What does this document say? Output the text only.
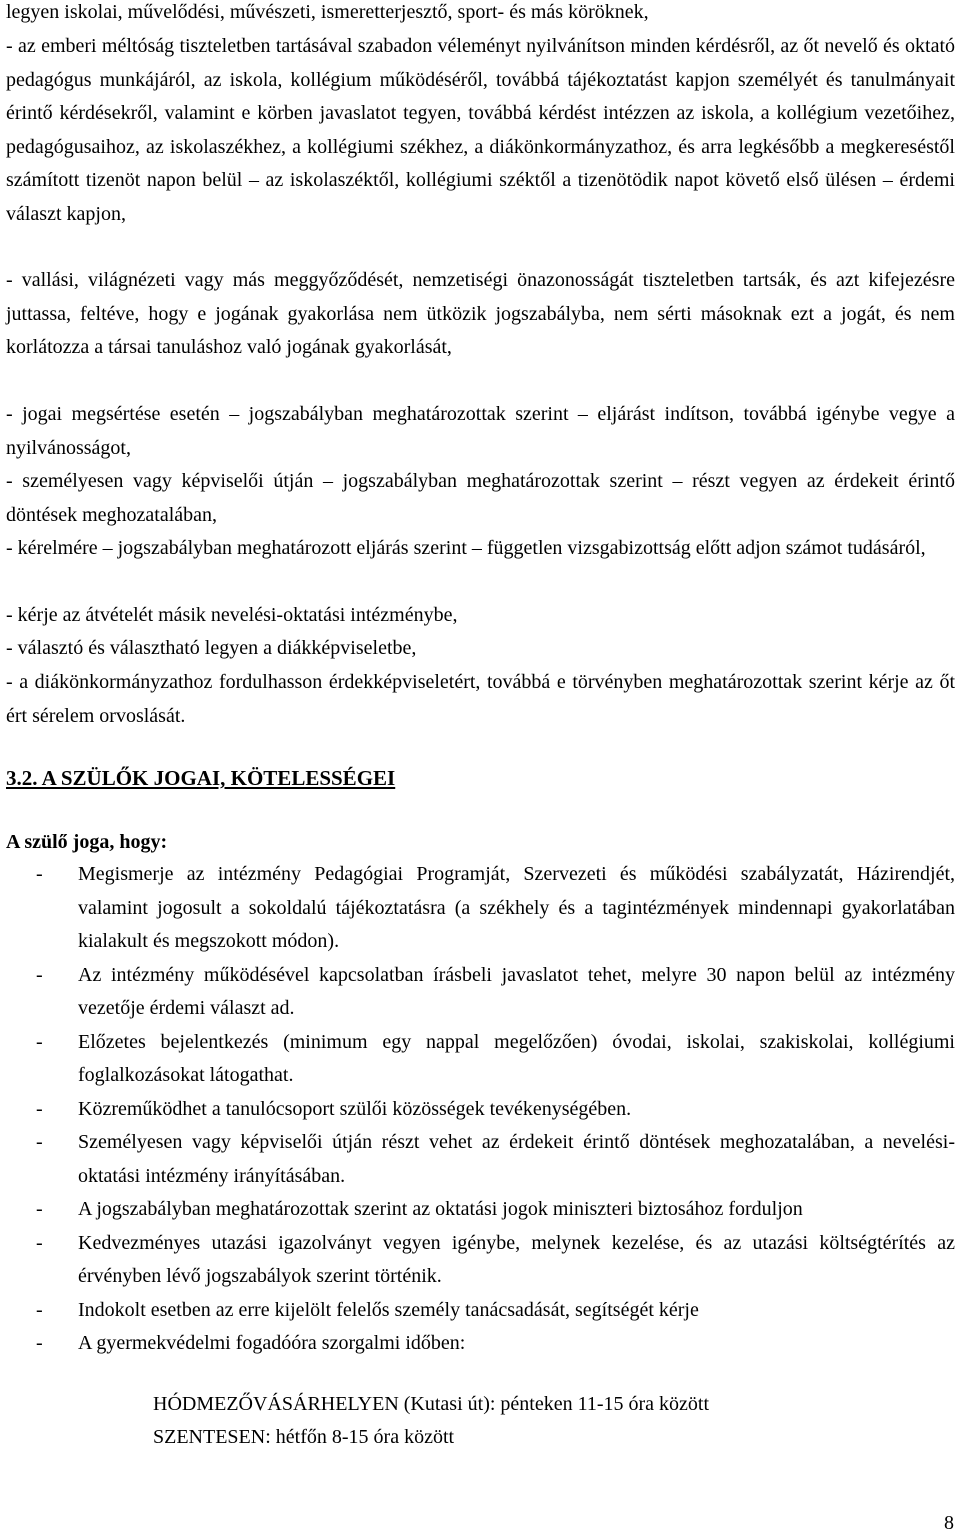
legyen iskolai, művelődési, művészeti, ismeretterjesztő, sport- és más köröknek,

- az emberi méltóság tiszteletben tartásával szabadon véleményt nyilvánítson minden kérdésről, az őt nevelő és oktató pedagógus munkájáról, az iskola, kollégium működéséről, továbbá tájékoztatást kapjon személyét és tanulmányait érintő kérdésekről, valamint e körben javaslatot tegyen, továbbá kérdést intézzen az iskola, a kollégium vezetőihez, pedagógusaihoz, az iskolaszékhez, a kollégiumi székhez, a diákönkormányzathoz, és arra legkésőbb a megkereséstől számított tizenöt napon belül – az iskolaszéktől, kollégiumi széktől a tizenötödik napot követő első ülésen – érdemi választ kapjon,

- vallási, világnézeti vagy más meggyőződését, nemzetiségi önazonosságát tiszteletben tartsák, és azt kifejezésre juttassa, feltéve, hogy e jogának gyakorlása nem ütközik jogszabályba, nem sérti másoknak ezt a jogát, és nem korlátozza a társai tanuláshoz való jogának gyakorlását,

- jogai megsértése esetén – jogszabályban meghatározottak szerint – eljárást indítson, továbbá igénybe vegye a nyilvánosságot,

- személyesen vagy képviselői útján – jogszabályban meghatározottak szerint – részt vegyen az érdekeit érintő döntések meghozatalában,

- kérelmére – jogszabályban meghatározott eljárás szerint – független vizsgabizottság előtt adjon számot tudásáról,

- kérje az átvételét másik nevelési-oktatási intézménybe,

- választó és választható legyen a diákképviseletbe,

- a diákönkormányzathoz fordulhasson érdekképviseletért, továbbá e törvényben meghatározottak szerint kérje az őt ért sérelem orvoslását.

3.2. A SZÜLŐK JOGAI, KÖTELESSÉGEI
A szülő joga, hogy:
- Megismerje az intézmény Pedagógiai Programját, Szervezeti és működési szabályzatát, Házirendjét, valamint jogosult a sokoldalú tájékoztatásra (a székhely és a tagintézmények mindennapi gyakorlatában kialakult és megszokott módon).
- Az intézmény működésével kapcsolatban írásbeli javaslatot tehet, melyre 30 napon belül az intézmény vezetője érdemi választ ad.
- Előzetes bejelentkezés (minimum egy nappal megelőzően) óvodai, iskolai, szakiskolai, kollégiumi foglalkozásokat látogathat.
- Közreműködhet a tanulócsoport szülői közösségek tevékenységében.
- Személyesen vagy képviselői útján részt vehet az érdekeit érintő döntések meghozatalában, a nevelési-oktatási intézmény irányításában.
- A jogszabályban meghatározottak szerint az oktatási jogok miniszteri biztosához forduljon
- Kedvezményes utazási igazolványt vegyen igénybe, melynek kezelése, és az utazási költségtérítés az érvényben lévő jogszabályok szerint történik.
- Indokolt esetben az erre kijelölt felelős személy tanácsadását, segítségét kérje
- A gyermekvédelmi fogadóóra szorgalmi időben:

HÓDMEZŐVÁSÁRHELYEN (Kutasi út): pénteken 11-15 óra között

SZENTESEN: hétfőn 8-15 óra között

8
